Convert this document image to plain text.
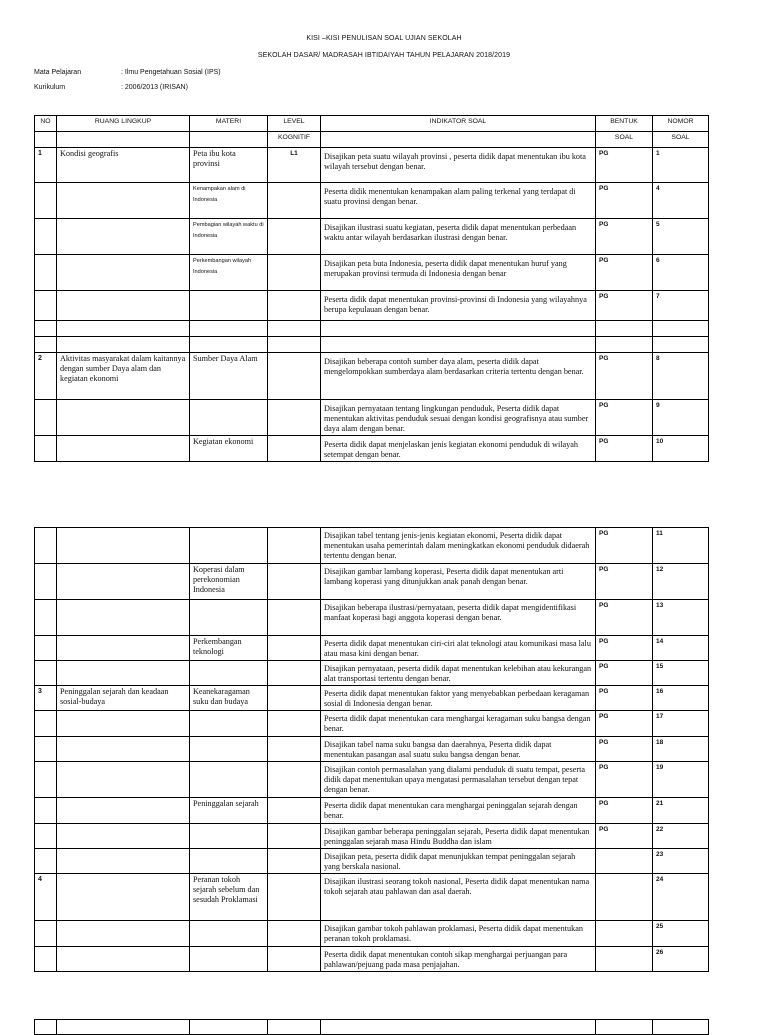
KISI –KISI PENULISAN SOAL UJIAN SEKOLAH
SEKOLAH DASAR/ MADRASAH IBTIDAIYAH TAHUN PELAJARAN 2018/2019
Mata Pelajaran	: Ilmu Pengetahuan Sosial (IPS)
Kurikulum	: 2006/2013 (IRISAN)
NO	RUANG LINGKUP	MATERI	LEVEL	INDIKATOR SOAL	BENTUK	NOMOR
			KOGNITIF		SOAL	SOAL
1	Kondisi geografis	Peta ibu kota provinsi	L1	Disajikan peta suatu wilayah provinsi , peserta didik dapat menentukan ibu kota wilayah tersebut dengan benar.	PG	1
		Kenampakan alam di Indonesia		Peserta didik menentukan kenampakan alam paling terkenal yang terdapat di suatu provinsi dengan benar.	PG	4
		Pembagian wilayah waktu di Indonesia		Disajikan ilustrasi suatu kegiatan, peserta didik dapat menentukan perbedaan waktu antar wilayah berdasarkan ilustrasi dengan benar.	PG	5
		Perkembangan wilayah Indonesia		Disajikan peta buta Indonesia, peserta didik dapat menentukan huruf yang merupakan provinsi termuda di Indonesia dengan benar	PG	6
				Peserta didik dapat menentukan provinsi-provinsi di Indonesia yang wilayahnya berupa kepulauan dengan benar.	PG	7

2	Aktivitas masyarakat dalam kaitannya dengan sumber Daya alam dan kegiatan ekonomi	Sumber Daya Alam		Disajikan beberapa contoh sumber daya alam, peserta didik dapat mengelompokkan sumberdaya alam berdasarkan criteria tertentu dengan benar.	PG	8
				Disajikan pernyataan tentang lingkungan penduduk, Peserta didik dapat menentukan aktivitas penduduk sesuai dengan kondisi geografisnya atau sumber daya alam dengan benar.	PG	9
		Kegiatan ekonomi		Peserta didik dapat menjelaskan jenis kegiatan ekonomi penduduk di wilayah setempat dengan benar.	PG	10
				Disajikan tabel tentang jenis-jenis kegiatan ekonomi, Peserta didik dapat menentukan usaha pemerintah dalam meningkatkan ekonomi penduduk didaerah tertentu dengan benar.	PG	11
		Koperasi dalam perekonomian Indonesia		Disajikan gambar lambang koperasi, Peserta didik dapat menentukan arti lambang koperasi yang ditunjukkan anak panah dengan benar.	PG	12
				Disajikan beberapa ilustrasi/pernyataan, peserta didik dapat mengidentifikasi manfaat koperasi bagi anggota koperasi dengan benar.	PG	13
		Perkembangan teknologi		Peserta didik dapat menentukan ciri-ciri alat teknologi atau komunikasi masa lalu atau masa kini dengan benar.	PG	14
				Disajikan pernyataan, peserta didik dapat menentukan kelebihan atau kekurangan alat transportasi tertentu dengan benar.	PG	15
3	Peninggalan sejarah dan keadaan sosial-budaya	Keanekaragaman suku dan budaya		Peserta didik dapat menentukan faktor yang menyebabkan perbedaan keragaman sosial di Indonesia dengan benar.	PG	16
				Peserta didik dapat menentukan cara menghargai keragaman suku bangsa dengan benar.	PG	17
				Disajikan tabel nama suku bangsa dan daerahnya, Peserta didik dapat menentukan pasangan asal suatu suku bangsa dengan benar.	PG	18
				Disajikan contoh permasalahan yang dialami penduduk di suatu tempat, peserta didik dapat menentukan upaya mengatasi permasalahan tersebut dengan tepat dengan benar.	PG	19
		Peninggalan sejarah		Peserta didik dapat menentukan cara menghargai peninggalan sejarah dengan benar.	PG	21
				Disajikan gambar beberapa peninggalan sejarah, Peserta didik dapat menentukan peninggalan sejarah masa Hindu Buddha dan islam	PG	22
				Disajikan peta, peserta didik dapat menunjukkan tempat peninggalan sejarah yang berskala nasional.		23
4		Peranan tokoh sejarah sebelum dan sesudah Proklamasi		Disajikan ilustrasi seorang tokoh nasional, Peserta didik dapat menentukan nama tokoh sejarah atau pahlawan dan asal daerah.		24
				Disajikan gambar tokoh pahlawan proklamasi, Peserta didik dapat menentukan peranan tokoh proklamasi.		25
				Peserta didik dapat menentukan contoh sikap menghargai perjuangan para pahlawan/pejuang pada masa penjajahan.		26
